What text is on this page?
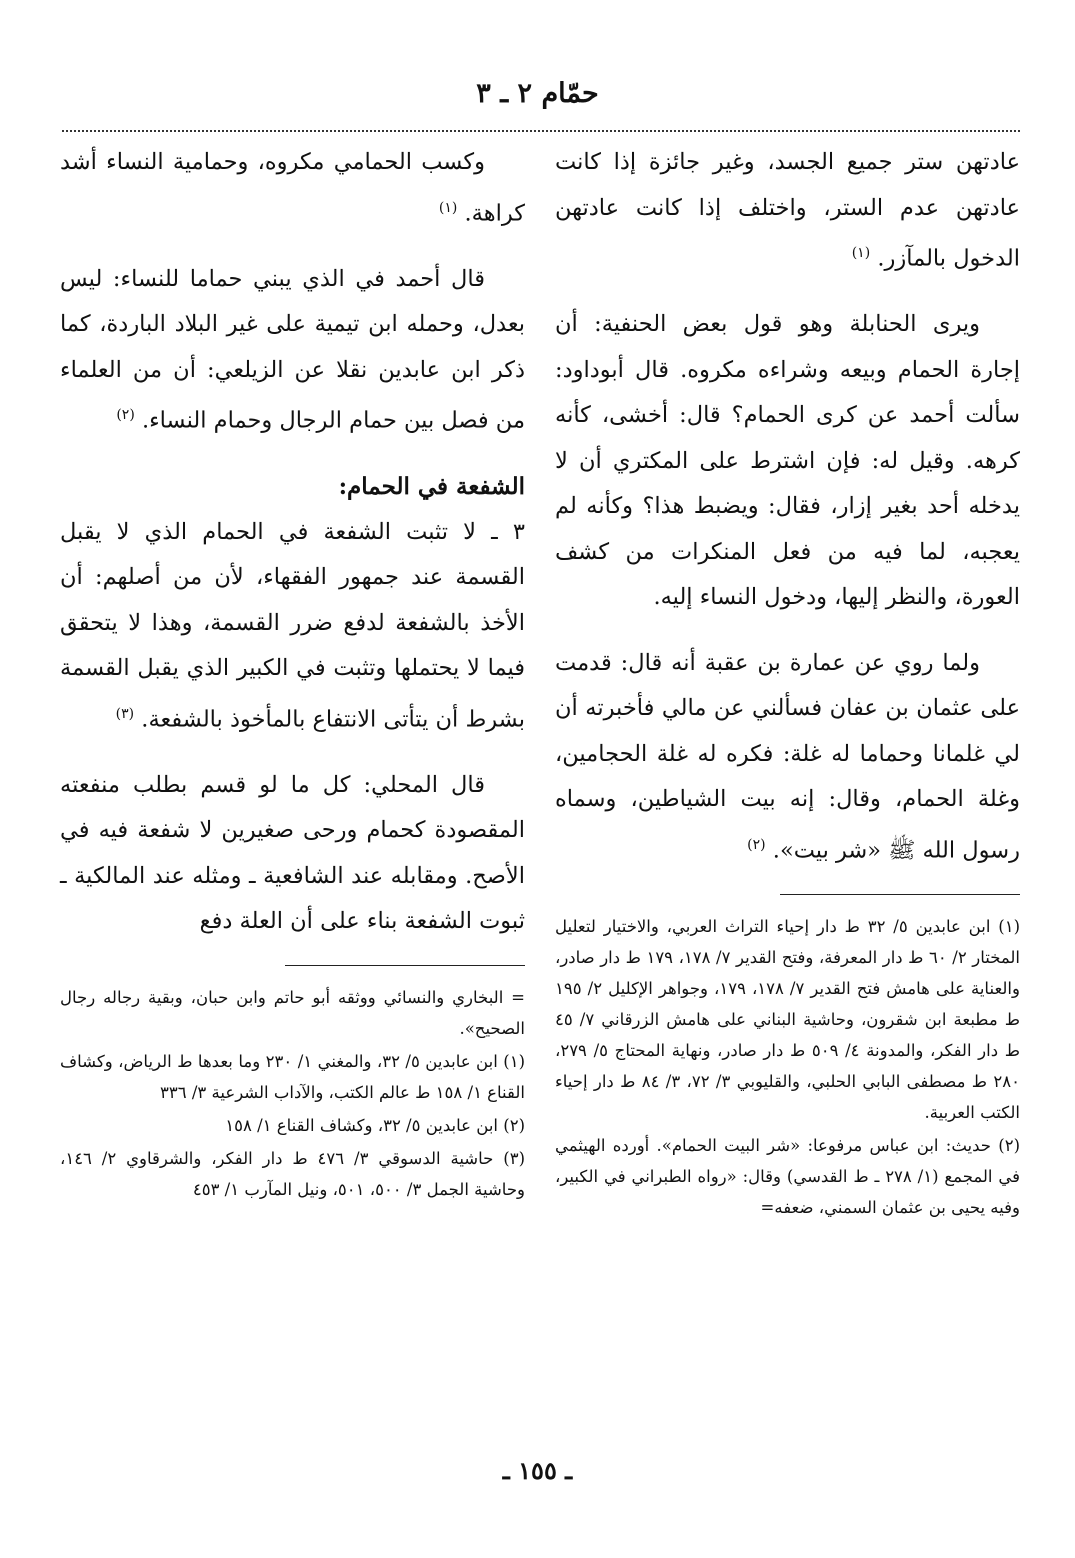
حمّام ٢ ـ ٣

عادتهن ستر جميع الجسد، وغير جائزة إذا كانت عادتهن عدم الستر، واختلف إذا كانت عادتهن الدخول بالمآزر. $^{(١)}$

ويرى الحنابلة وهو قول بعض الحنفية: أن إجارة الحمام وبيعه وشراءه مكروه. قال أبوداود: سألت أحمد عن كرى الحمام؟ قال: أخشى، كأنه كرهه. وقيل له: فإن اشترط على المكتري أن لا يدخله أحد بغير إزار، فقال: ويضبط هذا؟ وكأنه لم يعجبه، لما فيه من فعل المنكرات من كشف العورة، والنظر إليها، ودخول النساء إليه.

ولما روي عن عمارة بن عقبة أنه قال: قدمت على عثمان بن عفان فسألني عن مالي فأخبرته أن لي غلمانا وحماما له غلة: فكره له غلة الحجامين، وغلة الحمام، وقال: إنه بيت الشياطين، وسماه رسول الله ﷺ «شر بيت». $^{(٢)}$

(١) ابن عابدين ٥/ ٣٢ ط دار إحياء التراث العربي، والاختيار لتعليل المختار ٢/ ٦٠ ط دار المعرفة، وفتح القدير ٧/ ١٧٨، ١٧٩ ط دار صادر، والعناية على هامش فتح القدير ٧/ ١٧٨، ١٧٩، وجواهر الإكليل ٢/ ١٩٥ ط مطبعة ابن شقرون، وحاشية البناني على هامش الزرقاني ٧/ ٤٥ ط دار الفكر، والمدونة ٤/ ٥٠٩ ط دار صادر، ونهاية المحتاج ٥/ ٢٧٩، ٢٨٠ ط مصطفى البابي الحلبي، والقليوبي ٣/ ٧٢، ٣/ ٨٤ ط دار إحياء الكتب العربية.

(٢) حديث: ابن عباس مرفوعا: «شر البيت الحمام». أورده الهيثمي في المجمع (١/ ٢٧٨ ـ ط القدسي) وقال: «رواه الطبراني في الكبير، وفيه يحيى بن عثمان السمني، ضعفه=

وكسب الحمامي مكروه، وحمامية النساء أشد كراهة. $^{(١)}$

قال أحمد في الذي يبني حماما للنساء: ليس بعدل، وحمله ابن تيمية على غير البلاد الباردة، كما ذكر ابن عابدين نقلا عن الزيلعي: أن من العلماء من فصل بين حمام الرجال وحمام النساء. $^{(٢)}$

الشفعة في الحمام:

٣ ـ لا تثبت الشفعة في الحمام الذي لا يقبل القسمة عند جمهور الفقهاء، لأن من أصلهم: أن الأخذ بالشفعة لدفع ضرر القسمة، وهذا لا يتحقق فيما لا يحتملها وتثبت في الكبير الذي يقبل القسمة بشرط أن يتأتى الانتفاع بالمأخوذ بالشفعة. $^{(٣)}$

قال المحلي: كل ما لو قسم بطلب منفعته المقصودة كحمام ورحى صغيرين لا شفعة فيه في الأصح. ومقابله عند الشافعية ـ ومثله عند المالكية ـ ثبوت الشفعة بناء على أن العلة دفع

= البخاري والنسائي ووثقه أبو حاتم وابن حبان، وبقية رجاله رجال الصحيح».

(١) ابن عابدين ٥/ ٣٢، والمغني ١/ ٢٣٠ وما بعدها ط الرياض، وكشاف القناع ١/ ١٥٨ ط عالم الكتب، والآداب الشرعية ٣/ ٣٣٦

(٢) ابن عابدين ٥/ ٣٢، وكشاف القناع ١/ ١٥٨

(٣) حاشية الدسوقي ٣/ ٤٧٦ ط دار الفكر، والشرقاوي ٢/ ١٤٦، وحاشية الجمل ٣/ ٥٠٠، ٥٠١، ونيل المآرب ١/ ٤٥٣

ـ ١٥٥ ـ
